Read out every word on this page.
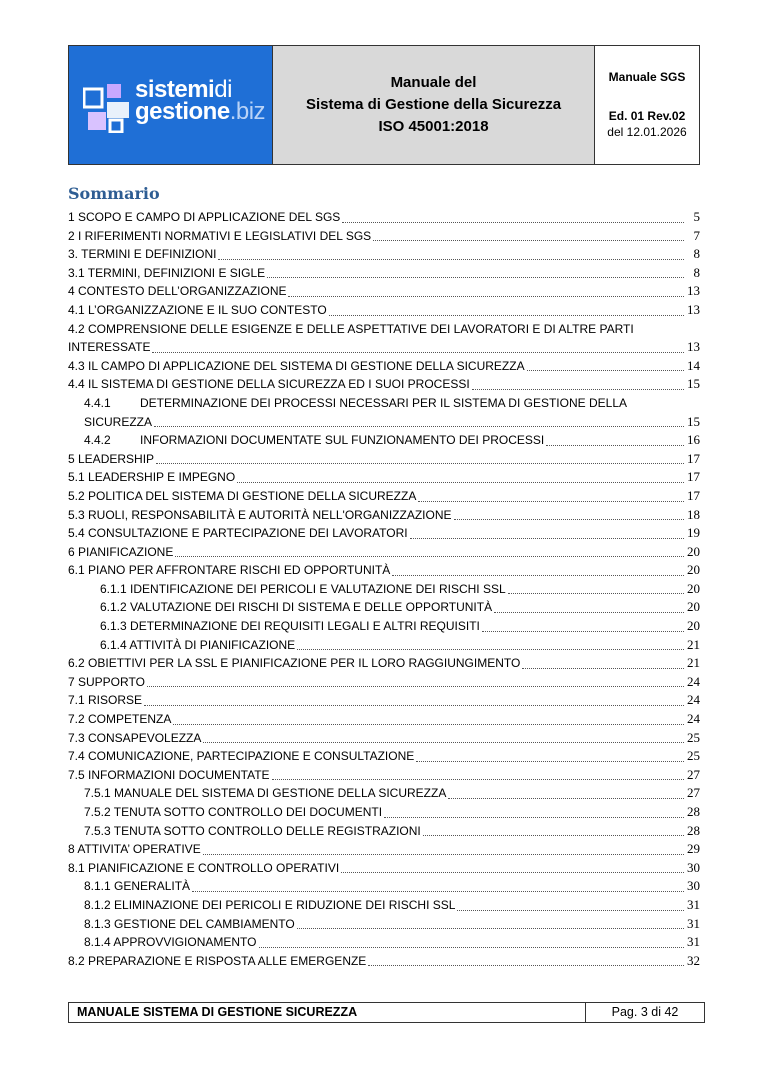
sistemidi
gestione.biz
Manuale del
Sistema di Gestione della Sicurezza
ISO 45001:2018
Manuale SGS
Ed. 01 Rev.02
del 12.01.2026
Sommario
1 SCOPO E CAMPO DI APPLICAZIONE DEL SGS	5
2 I RIFERIMENTI NORMATIVI E LEGISLATIVI DEL SGS	7
3. TERMINI E DEFINIZIONI	8
3.1 TERMINI, DEFINIZIONI E SIGLE	8
4 CONTESTO DELL’ORGANIZZAZIONE	13
4.1 L’ORGANIZZAZIONE E IL SUO CONTESTO	13
4.2 COMPRENSIONE DELLE ESIGENZE E DELLE ASPETTATIVE DEI LAVORATORI E DI ALTRE PARTI
INTERESSATE	13
4.3 IL CAMPO DI APPLICAZIONE DEL SISTEMA DI GESTIONE DELLA SICUREZZA	14
4.4 IL SISTEMA DI GESTIONE DELLA SICUREZZA ED I SUOI PROCESSI	15
4.4.1 DETERMINAZIONE DEI PROCESSI NECESSARI PER IL SISTEMA DI GESTIONE DELLA
SICUREZZA	15
4.4.2 INFORMAZIONI DOCUMENTATE SUL FUNZIONAMENTO DEI PROCESSI	16
5 LEADERSHIP	17
5.1 LEADERSHIP E IMPEGNO	17
5.2 POLITICA DEL SISTEMA DI GESTIONE DELLA SICUREZZA	17
5.3 RUOLI, RESPONSABILITÀ E AUTORITÀ NELL'ORGANIZZAZIONE	18
5.4 CONSULTAZIONE E PARTECIPAZIONE DEI LAVORATORI	19
6 PIANIFICAZIONE	20
6.1 PIANO PER AFFRONTARE RISCHI ED OPPORTUNITÀ	20
6.1.1 IDENTIFICAZIONE DEI PERICOLI E VALUTAZIONE DEI RISCHI SSL	20
6.1.2 VALUTAZIONE DEI RISCHI DI SISTEMA E DELLE OPPORTUNITÀ	20
6.1.3 DETERMINAZIONE DEI REQUISITI LEGALI E ALTRI REQUISITI	20
6.1.4 ATTIVITÀ DI PIANIFICAZIONE	21
6.2 OBIETTIVI PER LA SSL E PIANIFICAZIONE PER IL LORO RAGGIUNGIMENTO	21
7 SUPPORTO	24
7.1 RISORSE	24
7.2 COMPETENZA	24
7.3 CONSAPEVOLEZZA	25
7.4 COMUNICAZIONE, PARTECIPAZIONE E CONSULTAZIONE	25
7.5 INFORMAZIONI DOCUMENTATE	27
7.5.1 MANUALE DEL SISTEMA DI GESTIONE DELLA SICUREZZA	27
7.5.2 TENUTA SOTTO CONTROLLO DEI DOCUMENTI	28
7.5.3 TENUTA SOTTO CONTROLLO DELLE REGISTRAZIONI	28
8 ATTIVITA’ OPERATIVE	29
8.1 PIANIFICAZIONE E CONTROLLO OPERATIVI	30
8.1.1 GENERALITÀ	30
8.1.2 ELIMINAZIONE DEI PERICOLI E RIDUZIONE DEI RISCHI SSL	31
8.1.3 GESTIONE DEL CAMBIAMENTO	31
8.1.4 APPROVVIGIONAMENTO	31
8.2 PREPARAZIONE E RISPOSTA ALLE EMERGENZE	32
MANUALE SISTEMA DI GESTIONE SICUREZZA	Pag. 3 di 42
